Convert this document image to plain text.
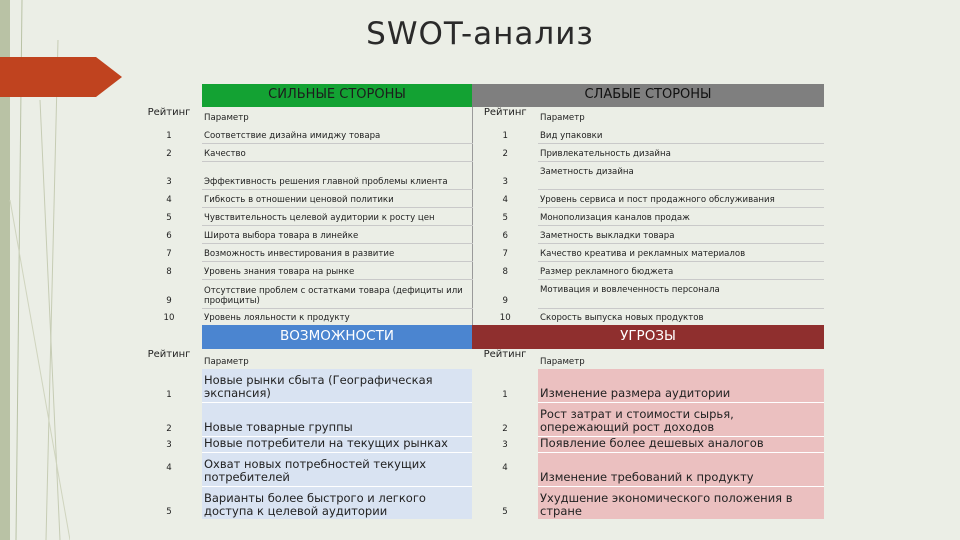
SWOT-анализ
	СИЛЬНЫЕ СТОРОНЫ	СЛАБЫЕ СТОРОНЫ	
Рейтинг	Параметр	Рейтинг	Параметр
1	Соответствие дизайна имиджу товара	1	Вид упаковки
2	Качество	2	Привлекательность дизайна
3	Эффективность решения главной проблемы клиента	3	Заметность дизайна
4	Гибкость в отношении ценовой политики	4	Уровень сервиса и пост продажного обслуживания
5	Чувствительность целевой аудитории к росту цен	5	Монополизация каналов продаж
6	Широта выбора товара в линейке	6	Заметность выкладки товара
7	Возможность инвестирования в развитие	7	Качество креатива и рекламных материалов
8	Уровень знания товара на рынке	8	Размер рекламного бюджета
9	Отсутствие проблем с остатками товара (дефициты или профициты)	9	Мотивация и вовлеченность персонала
10	Уровень лояльности к продукту	10	Скорость выпуска новых продуктов
	ВОЗМОЖНОСТИ	УГРОЗЫ	
Рейтинг	Параметр	Рейтинг	Параметр
1	Новые рынки сбыта (Географическая экспансия)	1	Изменение размера аудитории
2	Новые товарные группы	2	Рост затрат и стоимости сырья, опережающий рост доходов
3	Новые потребители на текущих рынках	3	Появление более дешевых аналогов
4	Охват новых потребностей текущих потребителей	4	Изменение требований к продукту
5	Варианты более быстрого и легкого доступа к целевой аудитории	5	Ухудшение экономического положения в стране
